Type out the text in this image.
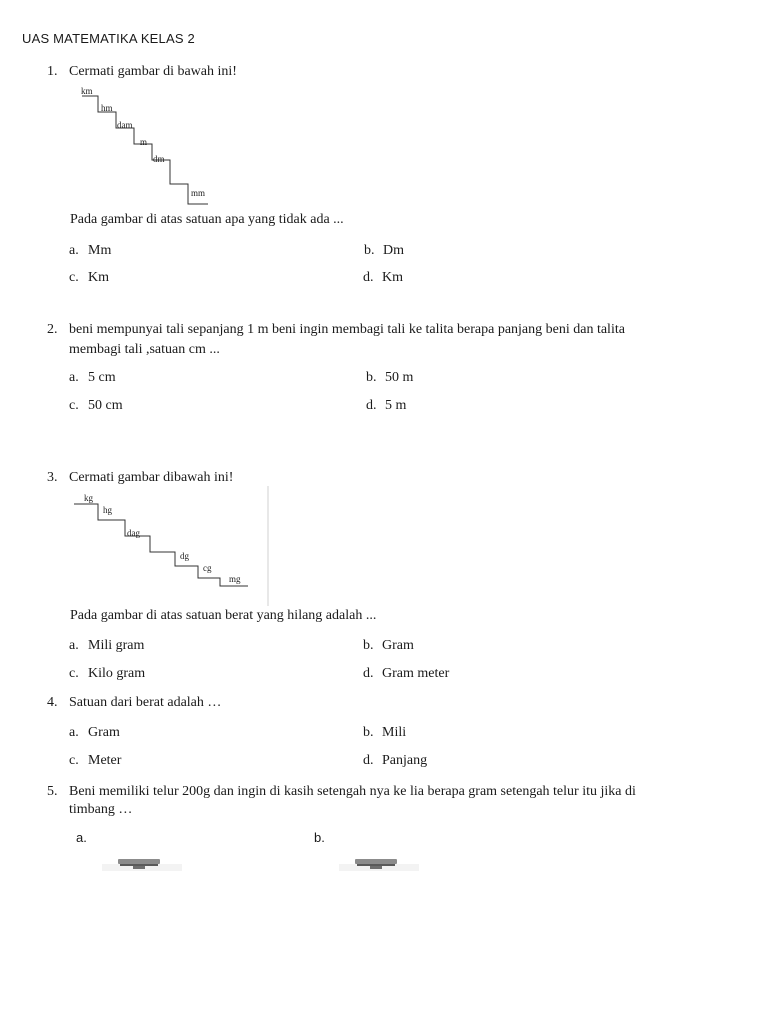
UAS MATEMATIKA KELAS 2
1. Cermati gambar di bawah ini!
km
hm
dam
m
dm
mm
Pada gambar di atas satuan apa yang tidak ada ...
a. Mm	b. Dm
c. Km	d. Km
2. beni mempunyai tali sepanjang 1 m beni ingin membagi tali ke talita berapa panjang beni dan talita
membagi tali ,satuan cm ...
a. 5 cm	b. 50 m
c. 50 cm	d. 5 m
3. Cermati gambar dibawah ini!
kg
hg
dag
dg
cg
mg
Pada gambar di atas satuan berat yang hilang adalah ...
a. Mili gram	b. Gram
c. Kilo gram	d. Gram meter
4. Satuan dari berat adalah …
a. Gram	b. Mili
c. Meter	d. Panjang
5. Beni memiliki telur 200g dan ingin di kasih setengah nya ke lia berapa gram setengah telur itu jika di
timbang …
a.	b.
